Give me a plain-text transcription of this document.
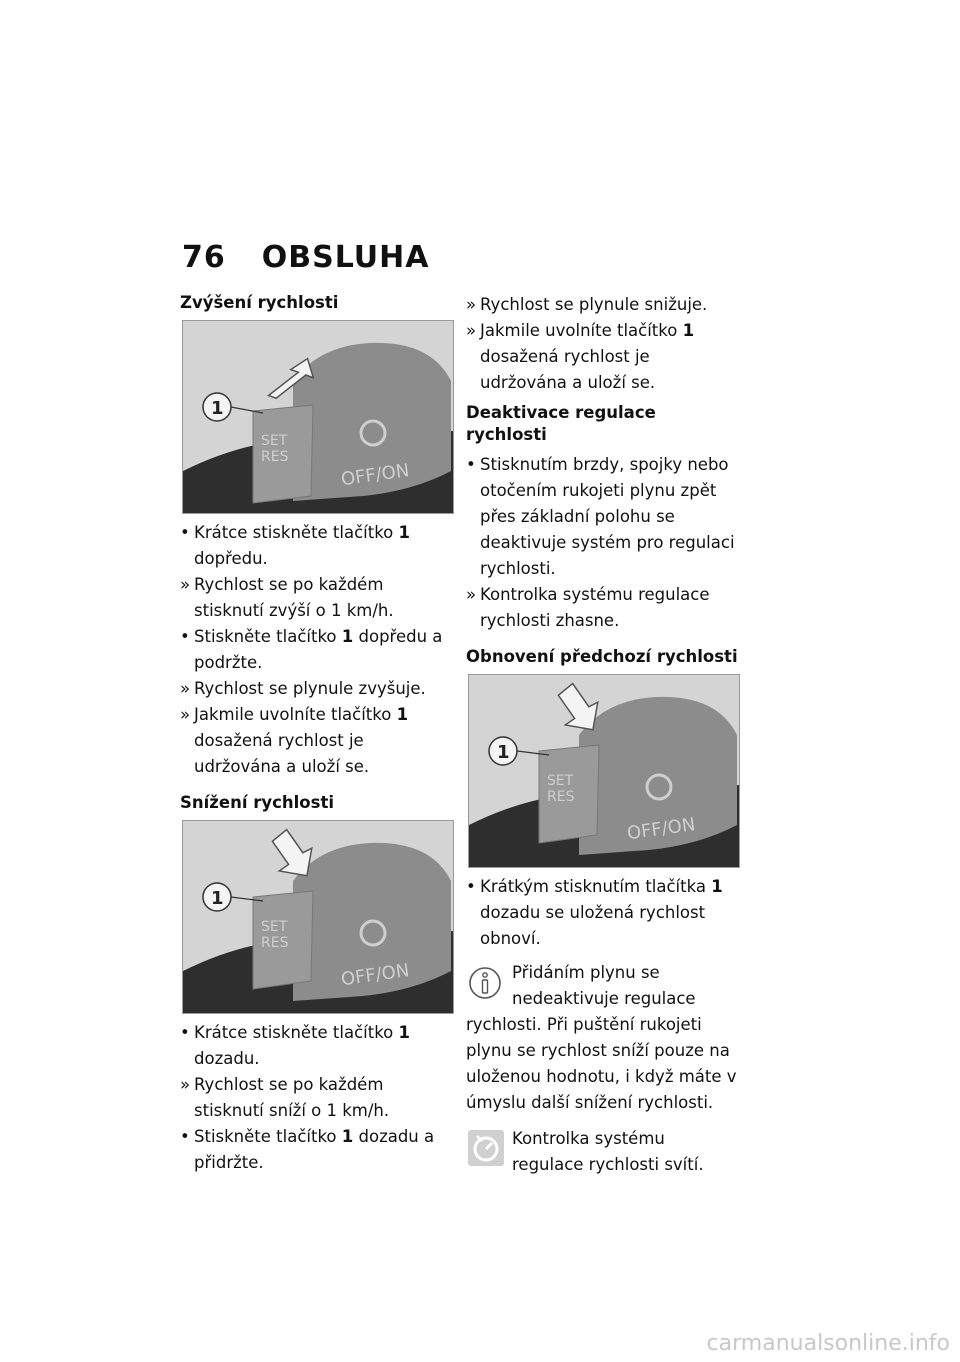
76 OBSLUHA
Zvýšení rychlosti
SET
RES
OFF/ON
1
• Krátce stiskněte tlačítko 1 dopředu.
» Rychlost se po každém stisknutí zvýší o 1 km/h.
• Stiskněte tlačítko 1 dopředu a podržte.
» Rychlost se plynule zvyšuje.
» Jakmile uvolníte tlačítko 1 dosažená rychlost je udržována a uloží se.
Snížení rychlosti
SET
RES
OFF/ON
1
• Krátce stiskněte tlačítko 1 dozadu.
» Rychlost se po každém stisknutí sníží o 1 km/h.
• Stiskněte tlačítko 1 dozadu a přidržte.
» Rychlost se plynule snižuje.
» Jakmile uvolníte tlačítko 1 dosažená rychlost je udržována a uloží se.
Deaktivace regulace rychlosti
• Stisknutím brzdy, spojky nebo otočením rukojeti plynu zpět přes základní polohu se deaktivuje systém pro regulaci rychlosti.
» Kontrolka systému regulace rychlosti zhasne.
Obnovení předchozí rychlosti
SET
RES
OFF/ON
1
• Krátkým stisknutím tlačítka 1 dozadu se uložená rychlost obnoví.
Přidáním plynu se nedeaktivuje regulace rychlosti. Při puštění rukojeti plynu se rychlost sníží pouze na uloženou hodnotu, i když máte v úmyslu další snížení rychlosti.
Kontrolka systému regulace rychlosti svítí.
carmanualsonline.info
